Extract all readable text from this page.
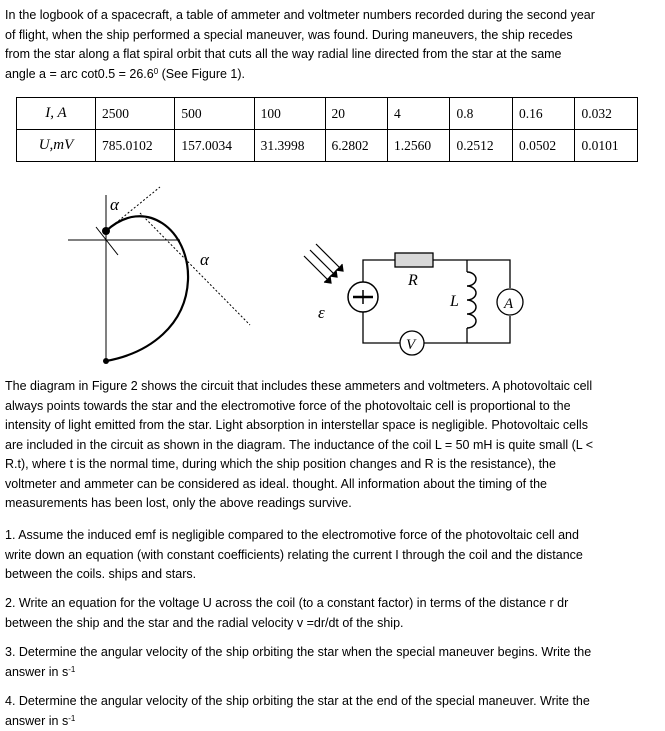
In the logbook of a spacecraft, a table of ammeter and voltmeter numbers recorded during the second year
of flight, when the ship performed a special maneuver, was found. During maneuvers, the ship recedes
from the star along a flat spiral orbit that cuts all the way radial line directed from the star at the same
angle a = arc $\cot 0.5 = 26.6^0$ (See Figure 1).
I, A	2500	500	100	20	4	0.8	0.16	0.032
U,mV	785.0102	157.0034	31.3998	6.2802	1.2560	0.2512	0.0502	0.0101
α
α
ε
R
L	A
V
The diagram in Figure 2 shows the circuit that includes these ammeters and voltmeters. A photovoltaic cell
always points towards the star and the electromotive force of the photovoltaic cell is proportional to the
intensity of light emitted from the star. Light absorption in interstellar space is negligible. Photovoltaic cells
are included in the circuit as shown in the diagram. The inductance of the coil L = 50 mH is quite small (L <
R.t), where t is the normal time, during which the ship position changes and R is the resistance), the
voltmeter and ammeter can be considered as ideal. thought. All information about the timing of the
measurements has been lost, only the above readings survive.
1. Assume the induced emf is negligible compared to the electromotive force of the photovoltaic cell and
write down an equation (with constant coefficients) relating the current I through the coil and the distance
between the coils. ships and stars.
2. Write an equation for the voltage U across the coil (to a constant factor) in terms of the distance r dr
between the ship and the star and the radial velocity v =dr/dt of the ship.
3. Determine the angular velocity of the ship orbiting the star when the special maneuver begins. Write the
answer in $s^{-1}$
4. Determine the angular velocity of the ship orbiting the star at the end of the special maneuver. Write the
answer in $s^{-1}$
